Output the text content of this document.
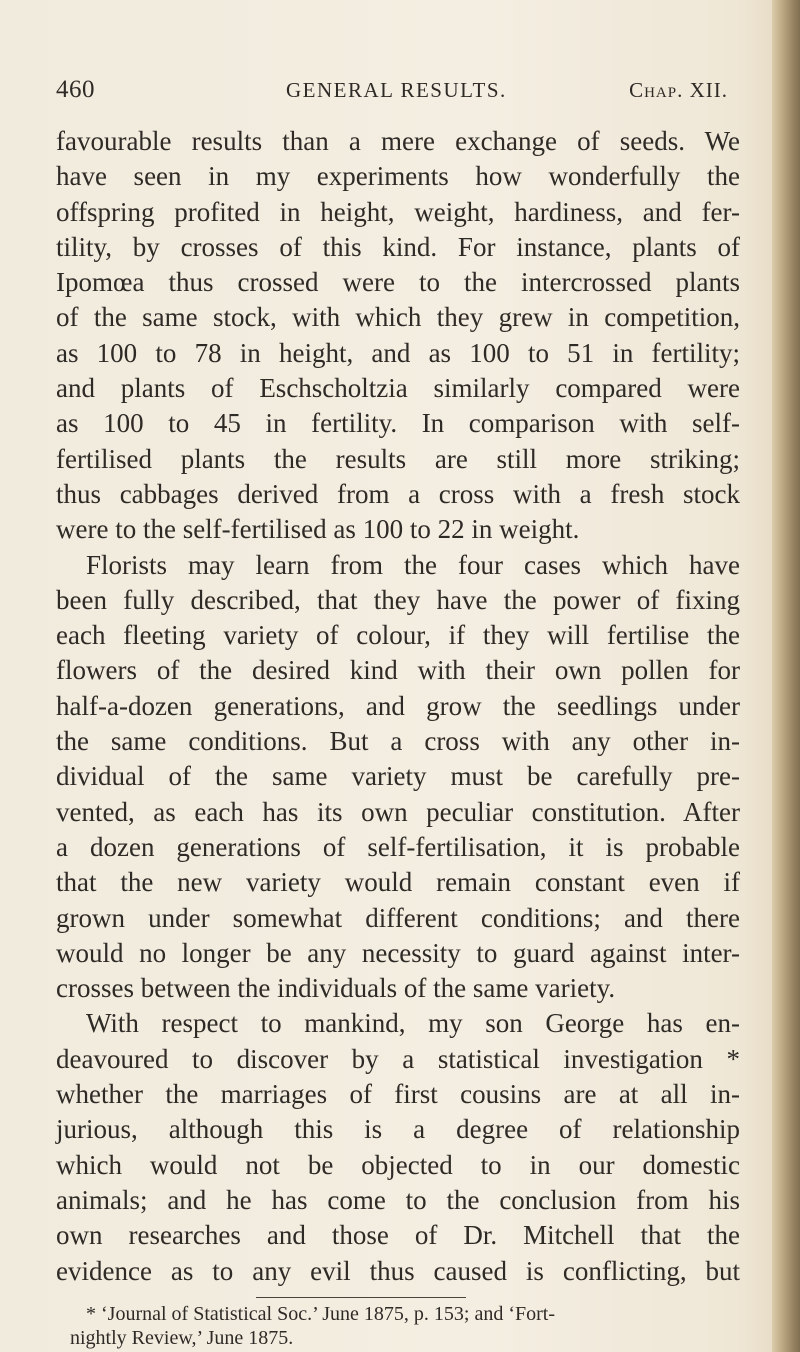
460	GENERAL RESULTS.	Chap. XII.
favourable results than a mere exchange of seeds. We
have seen in my experiments how wonderfully the
offspring profited in height, weight, hardiness, and fer-
tility, by crosses of this kind. For instance, plants of
Ipomœa thus crossed were to the intercrossed plants
of the same stock, with which they grew in competition,
as 100 to 78 in height, and as 100 to 51 in fertility;
and plants of Eschscholtzia similarly compared were
as 100 to 45 in fertility. In comparison with self-
fertilised plants the results are still more striking;
thus cabbages derived from a cross with a fresh stock
were to the self-fertilised as 100 to 22 in weight.
Florists may learn from the four cases which have
been fully described, that they have the power of fixing
each fleeting variety of colour, if they will fertilise the
flowers of the desired kind with their own pollen for
half-a-dozen generations, and grow the seedlings under
the same conditions. But a cross with any other in-
dividual of the same variety must be carefully pre-
vented, as each has its own peculiar constitution. After
a dozen generations of self-fertilisation, it is probable
that the new variety would remain constant even if
grown under somewhat different conditions; and there
would no longer be any necessity to guard against inter-
crosses between the individuals of the same variety.
With respect to mankind, my son George has en-
deavoured to discover by a statistical investigation *
whether the marriages of first cousins are at all in-
jurious, although this is a degree of relationship
which would not be objected to in our domestic
animals; and he has come to the conclusion from his
own researches and those of Dr. Mitchell that the
evidence as to any evil thus caused is conflicting, but
* ‘Journal of Statistical Soc.’ June 1875, p. 153; and ‘Fort-
nightly Review,’ June 1875.
